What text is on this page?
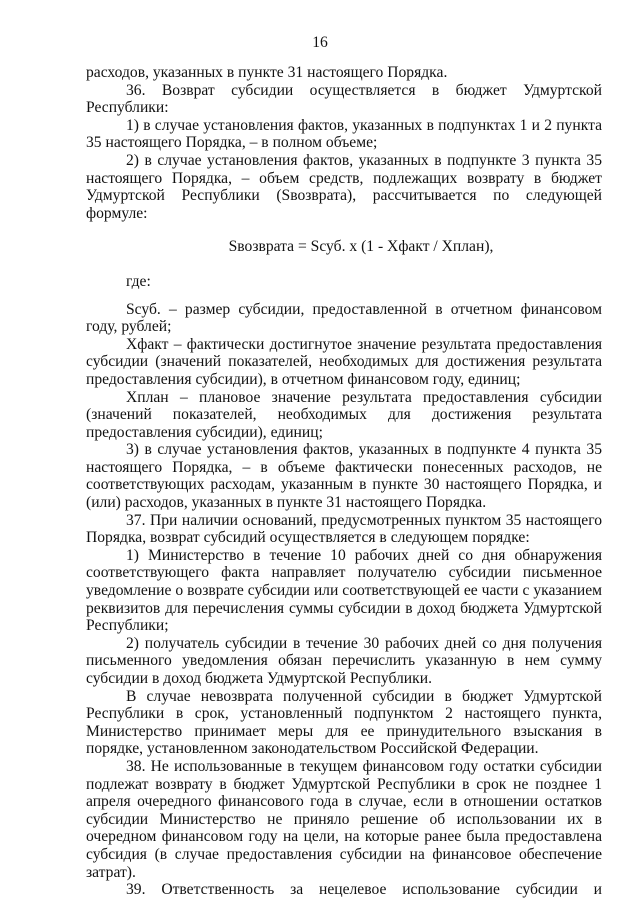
16

расходов, указанных в пункте 31 настоящего Порядка.

36. Возврат субсидии осуществляется в бюджет Удмуртской Республики:

1) в случае установления фактов, указанных в подпунктах 1 и 2 пункта 35 настоящего Порядка, – в полном объеме;

2) в случае установления фактов, указанных в подпункте 3 пункта 35 настоящего Порядка, – объем средств, подлежащих возврату в бюджет Удмуртской Республики (Sвозврата), рассчитывается по следующей формуле:

Sвозврата = Sсуб. х (1 - Хфакт / Хплан),

где:

Sсуб. – размер субсидии, предоставленной в отчетном финансовом году, рублей;

Хфакт – фактически достигнутое значение результата предоставления субсидии (значений показателей, необходимых для достижения результата предоставления субсидии), в отчетном финансовом году, единиц;

Хплан – плановое значение результата предоставления субсидии (значений показателей, необходимых для достижения результата предоставления субсидии), единиц;

3) в случае установления фактов, указанных в подпункте 4 пункта 35 настоящего Порядка, – в объеме фактически понесенных расходов, не соответствующих расходам, указанным в пункте 30 настоящего Порядка, и (или) расходов, указанных в пункте 31 настоящего Порядка.

37. При наличии оснований, предусмотренных пунктом 35 настоящего Порядка, возврат субсидий осуществляется в следующем порядке:

1) Министерство в течение 10 рабочих дней со дня обнаружения соответствующего факта направляет получателю субсидии письменное уведомление о возврате субсидии или соответствующей ее части с указанием реквизитов для перечисления суммы субсидии в доход бюджета Удмуртской Республики;

2) получатель субсидии в течение 30 рабочих дней со дня получения письменного уведомления обязан перечислить указанную в нем сумму субсидии в доход бюджета Удмуртской Республики.

В случае невозврата полученной субсидии в бюджет Удмуртской Республики в срок, установленный подпунктом 2 настоящего пункта, Министерство принимает меры для ее принудительного взыскания в порядке, установленном законодательством Российской Федерации.

38. Не использованные в текущем финансовом году остатки субсидии подлежат возврату в бюджет Удмуртской Республики в срок не позднее 1 апреля очередного финансового года в случае, если в отношении остатков субсидии Министерство не приняло решение об использовании их в очередном финансовом году на цели, на которые ранее была предоставлена субсидия (в случае предоставления субсидии на финансовое обеспечение затрат).

39. Ответственность за нецелевое использование субсидии и
